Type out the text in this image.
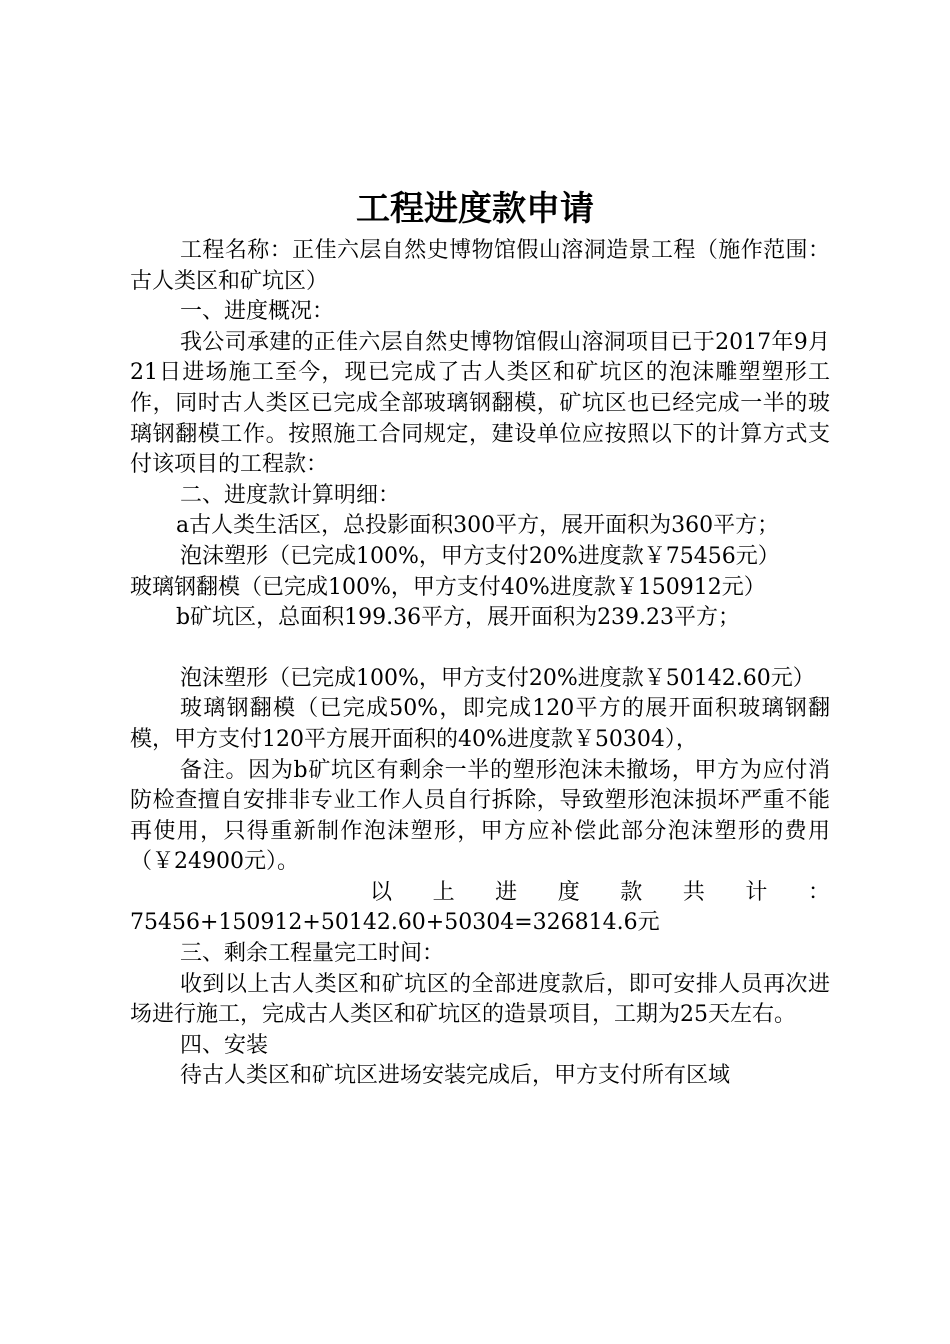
工程进度款申请

工程名称：正佳六层自然史博物馆假山溶洞造景工程（施作范围：古人类区和矿坑区）

一、进度概况：

我公司承建的正佳六层自然史博物馆假山溶洞项目已于2017年9月21日进场施工至今，现已完成了古人类区和矿坑区的泡沫雕塑塑形工作，同时古人类区已完成全部玻璃钢翻模，矿坑区也已经完成一半的玻璃钢翻模工作。按照施工合同规定，建设单位应按照以下的计算方式支付该项目的工程款：

二、进度款计算明细：

a古人类生活区，总投影面积300平方，展开面积为360平方；

泡沫塑形（已完成100%，甲方支付20%进度款￥75456元）

玻璃钢翻模（已完成100%，甲方支付40%进度款￥150912元）

b矿坑区，总面积199.36平方，展开面积为239.23平方；

泡沫塑形（已完成100%，甲方支付20%进度款￥50142.60元）

玻璃钢翻模（已完成50%，即完成120平方的展开面积玻璃钢翻模，甲方支付120平方展开面积的40%进度款￥50304），

备注。因为b矿坑区有剩余一半的塑形泡沫未撤场，甲方为应付消防检查擅自安排非专业工作人员自行拆除，导致塑形泡沫损坏严重不能再使用，只得重新制作泡沫塑形，甲方应补偿此部分泡沫塑形的费用（￥24900元）。

以上进度款共计：

75456+150912+50142.60+50304=326814.6元

三、剩余工程量完工时间：

收到以上古人类区和矿坑区的全部进度款后，即可安排人员再次进场进行施工，完成古人类区和矿坑区的造景项目，工期为25天左右。

四、安装

待古人类区和矿坑区进场安装完成后，甲方支付所有区域
